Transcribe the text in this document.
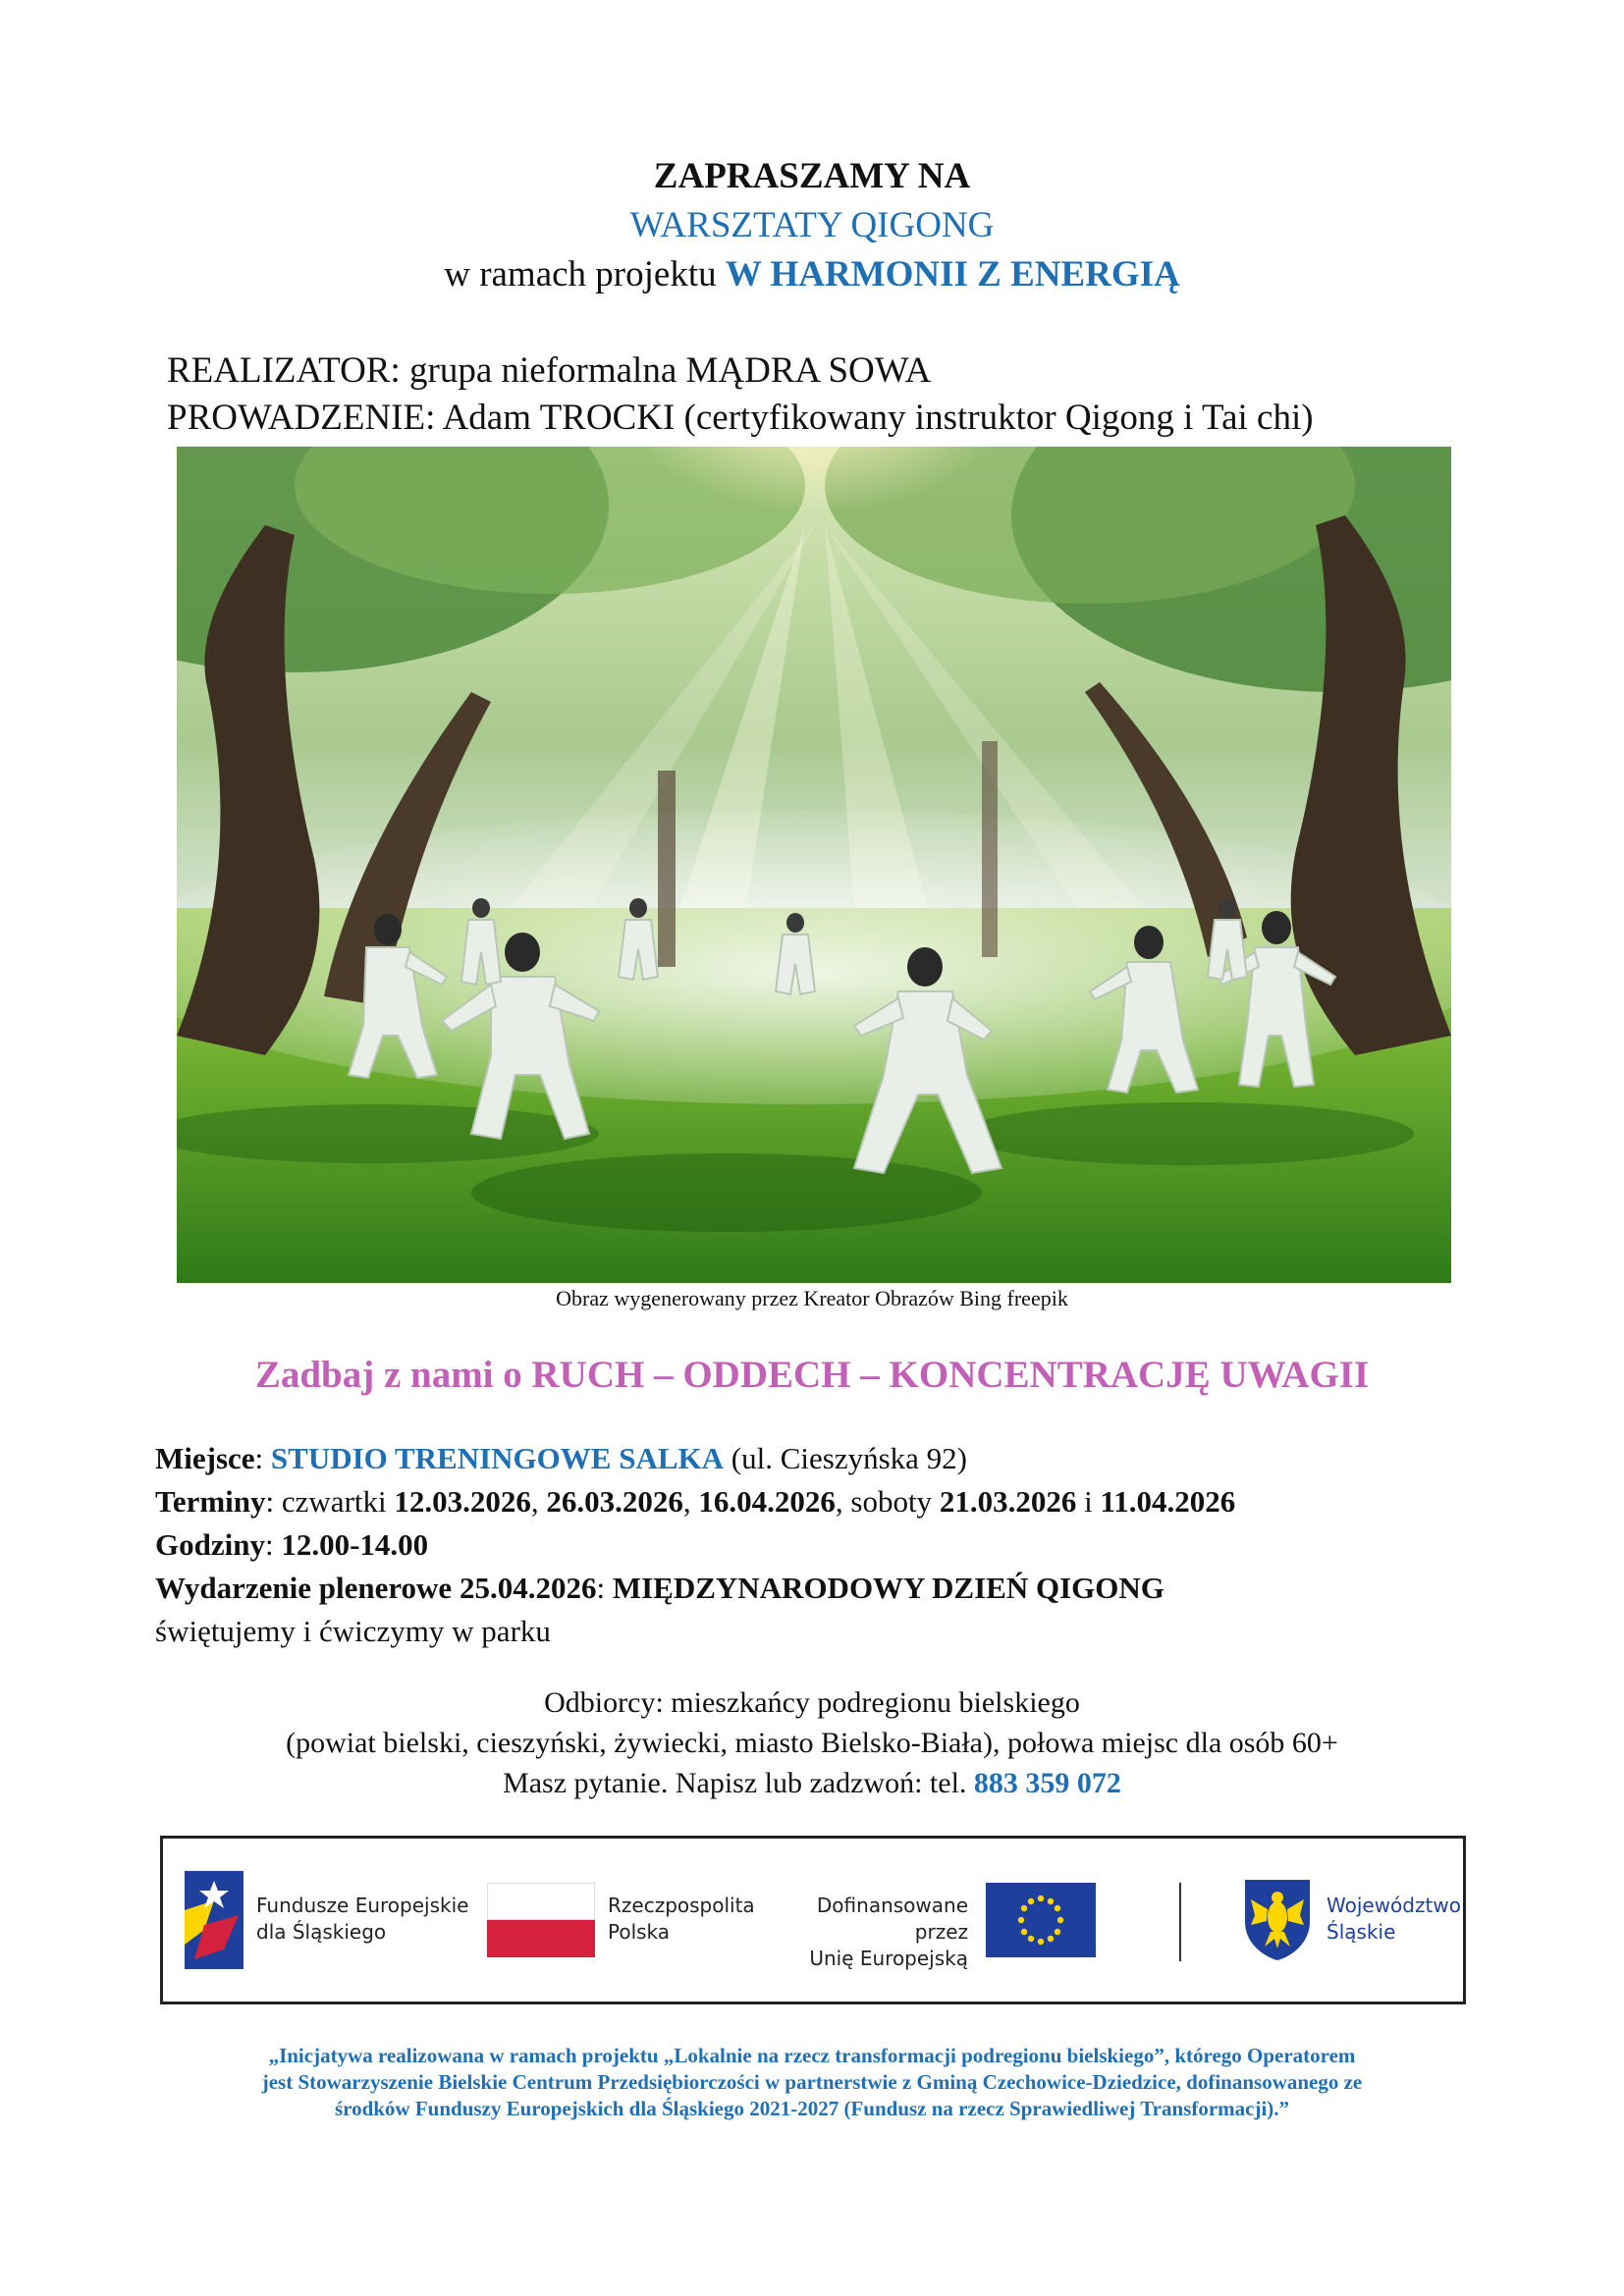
ZAPRASZAMY NA
WARSZTATY QIGONG
w ramach projektu W HARMONII Z ENERGIĄ
REALIZATOR: grupa nieformalna MĄDRA SOWA
PROWADZENIE: Adam TROCKI (certyfikowany instruktor Qigong i Tai chi)
Obraz wygenerowany przez Kreator Obrazów Bing freepik
Zadbaj z nami o RUCH – ODDECH – KONCENTRACJĘ UWAGII
Miejsce: STUDIO TRENINGOWE SALKA (ul. Cieszyńska 92)
Terminy: czwartki 12.03.2026, 26.03.2026, 16.04.2026, soboty 21.03.2026 i 11.04.2026
Godziny: 12.00-14.00
Wydarzenie plenerowe 25.04.2026: MIĘDZYNARODOWY DZIEŃ QIGONG
świętujemy i ćwiczymy w parku
Odbiorcy: mieszkańcy podregionu bielskiego
(powiat bielski, cieszyński, żywiecki, miasto Bielsko-Biała), połowa miejsc dla osób 60+
Masz pytanie. Napisz lub zadzwoń: tel. 883 359 072
Fundusze Europejskie
dla Śląskiego
Rzeczpospolita
Polska
Dofinansowane przez
Unię Europejską
Województwo
Śląskie
„Inicjatywa realizowana w ramach projektu „Lokalnie na rzecz transformacji podregionu bielskiego”, którego Operatorem
jest Stowarzyszenie Bielskie Centrum Przedsiębiorczości w partnerstwie z Gminą Czechowice-Dziedzice, dofinansowanego ze
środków Funduszy Europejskich dla Śląskiego 2021-2027 (Fundusz na rzecz Sprawiedliwej Transformacji).”
